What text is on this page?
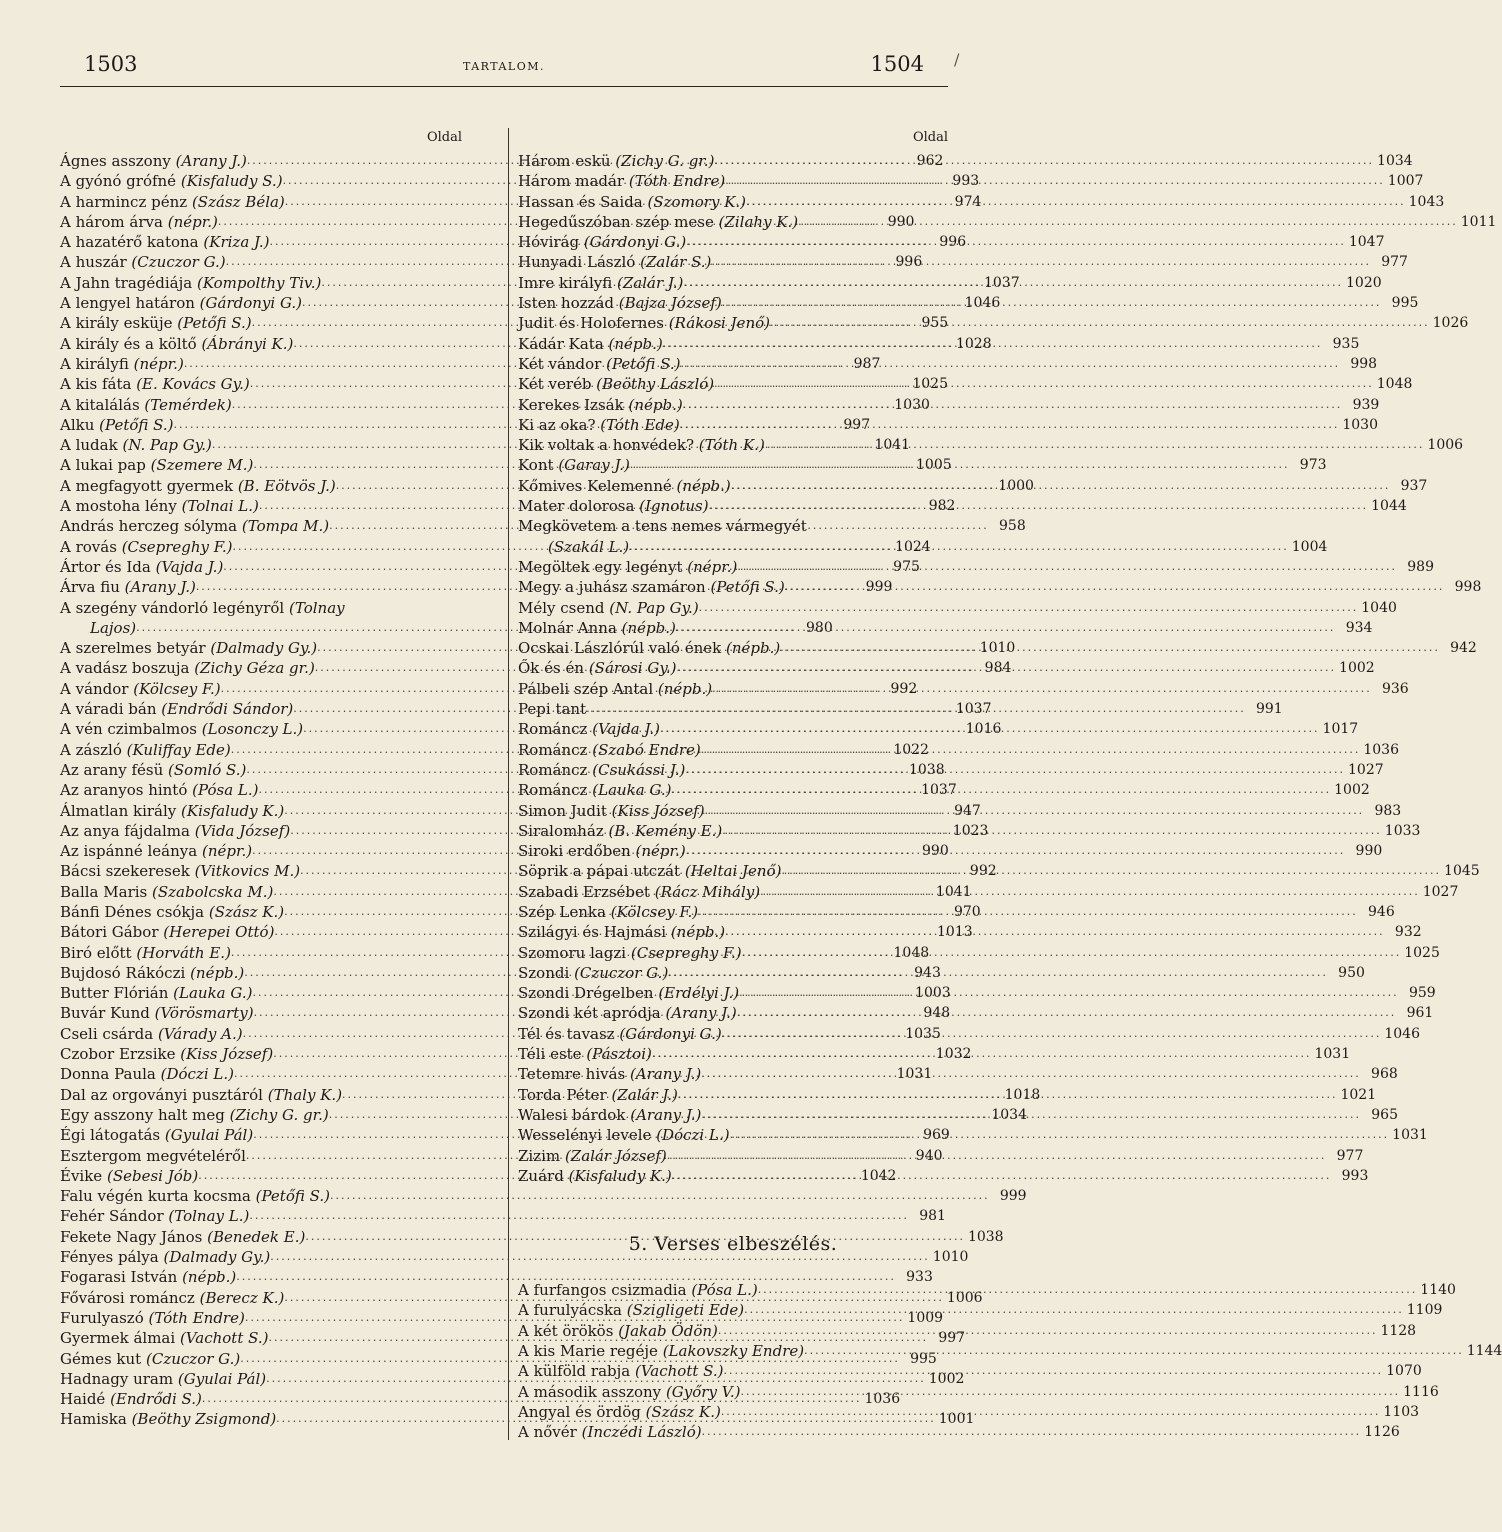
1503	TARTALOM.	1504 /
Oldal
Ágnes asszony (Arany J.) .....	962
A gyónó grófné (Kisfaludy S.) .....	993
A harmincz pénz (Szász Béla) .....	974
A három árva (népr.) .....	990
A hazatérő katona (Kriza J.) .....	996
A huszár (Czuczor G.) .....	996
A Jahn tragédiája (Kompolthy Tiv.) .....	1037
A lengyel határon (Gárdonyi G.) .....	1046
A király esküje (Petőfi S.) .....	955
A király és a költő (Ábrányi K.) .....	1028
A királyfi (népr.) .....	987
A kis fáta (E. Kovács Gy.) .....	1025
A kitalálás (Temérdek) .....	1030
Alku (Petőfi S.) .....	997
A ludak (N. Pap Gy.) .....	1041
A lukai pap (Szemere M.) .....	1005
A megfagyott gyermek (B. Eötvös J.) .....	1000
A mostoha lény (Tolnai L.) .....	982
András herczeg sólyma (Tompa M.) .....	958
A rovás (Csepreghy F.) .....	1024
Ártor és Ida (Vajda J.) .....	975
Árva fiu (Arany J.) .....	999
A szegény vándorló legényről (Tolnay
Lajos) .....	980
A szerelmes betyár (Dalmady Gy.) .....	1010
A vadász boszuja (Zichy Géza gr.) .....	984
A vándor (Kölcsey F.) .....	992
A váradi bán (Endrődi Sándor) .....	1037
A vén czimbalmos (Losonczy L.) .....	1016
A zászló (Kuliffay Ede) .....	1022
Az arany fésü (Somló S.) .....	1038
Az aranyos hintó (Pósa L.) .....	1037
Álmatlan király (Kisfaludy K.) .....	947
Az anya fájdalma (Vida József) .....	1023
Az ispánné leánya (népr.) .....	990
Bácsi szekeresek (Vitkovics M.) .....	992
Balla Maris (Szabolcska M.) .....	1041
Bánfi Dénes csókja (Szász K.) .....	970
Bátori Gábor (Herepei Ottó) .....	1013
Biró előtt (Horváth E.) .....	1048
Bujdosó Rákóczi (népb.) .....	943
Butter Flórián (Lauka G.) .....	1003
Buvár Kund (Vörösmarty) .....	948
Cseli csárda (Várady A.) .....	1035
Czobor Erzsike (Kiss József) .....	1032
Donna Paula (Dóczi L.) .....	1031
Dal az orgoványi pusztáról (Thaly K.) .....	1018
Egy asszony halt meg (Zichy G. gr.) .....	1034
Égi látogatás (Gyulai Pál) .....	969
Esztergom megvételéről .....	940
Évike (Sebesi Jób) .....	1042
Falu végén kurta kocsma (Petőfi S.) .....	999
Fehér Sándor (Tolnay L.) .....	981
Fekete Nagy János (Benedek E.) .....	1038
Fényes pálya (Dalmady Gy.) .....	1010
Fogarasi István (népb.) .....	933
Fővárosi románcz (Berecz K.) .....	1006
Furulyaszó (Tóth Endre) .....	1009
Gyermek álmai (Vachott S.) .....	997
Gémes kut (Czuczor G.) .....	995
Hadnagy uram (Gyulai Pál) .....	1002
Haidé (Endrődi S.) .....	1036
Hamiska (Beöthy Zsigmond) .....	1001
Oldal
Három eskü (Zichy G. gr.) .....	1034
Három madár (Tóth Endre) .....	1007
Hassan és Saida (Szomory K.) .....	1043
Hegedűszóban szép mese (Zilahy K.) .....	1011
Hóvirág (Gárdonyi G.) .....	1047
Hunyadi László (Zalár S.) .....	977
Imre királyfi (Zalár J.) .....	1020
Isten hozzád (Bajza József) .....	995
Judit és Holofernes (Rákosi Jenő) .....	1026
Kádár Kata (népb.) .....	935
Két vándor (Petőfi S.) .....	998
Két veréb (Beöthy László) .....	1048
Kerekes Izsák (népb.) .....	939
Ki az oka? (Tóth Ede) .....	1030
Kik voltak a honvédek? (Tóth K.) .....	1006
Kont (Garay J.) .....	973
Kőmives Kelemenné (népb.) .....	937
Mater dolorosa (Ignotus) .....	1044
Megkövetem a tens nemes vármegyét
(Szakál L.) .....	1004
Megöltek egy legényt (népr.) .....	989
Megy a juhász szamáron (Petőfi S.) .....	998
Mély csend (N. Pap Gy.) .....	1040
Molnár Anna (népb.) .....	934
Ocskai Lászlórúl való ének (népb.) .....	942
Ők és én (Sárosi Gy.) .....	1002
Pálbeli szép Antal (népb.) .....	936
Pepi tant .....	991
Románcz (Vajda J.) .....	1017
Románcz (Szabó Endre) .....	1036
Románcz (Csukássi J.) .....	1027
Románcz (Lauka G.) .....	1002
Simon Judit (Kiss József) .....	983
Siralomház (B. Kemény E.) .....	1033
Siroki erdőben (népr.) .....	990
Söprik a pápai utczát (Heltai Jenő) .....	1045
Szabadi Erzsébet (Rácz Mihály) .....	1027
Szép Lenka (Kölcsey F.) .....	946
Szilágyi és Hajmási (népb.) .....	932
Szomoru lagzi (Csepreghy F.) .....	1025
Szondi (Czuczor G.) .....	950
Szondi Drégelben (Erdélyi J.) .....	959
Szondi két apródja (Arany J.) .....	961
Tél és tavasz (Gárdonyi G.) .....	1046
Téli este (Pásztoi) .....	1031
Tetemre hivás (Arany J.) .....	968
Torda Péter (Zalár J.) .....	1021
Walesi bárdok (Arany J.) .....	965
Wesselényi levele (Dóczi L.) .....	1031
Zizim (Zalár József) .....	977
Zuárd (Kisfaludy K.) .....	993
5. Verses elbeszélés.
A furfangos csizmadia (Pósa L.) .....	1140
A furulyácska (Szigligeti Ede) .....	1109
A két örökös (Jakab Ödön) .....	1128
A kis Marie regéje (Lakovszky Endre) .....	1144
A külföld rabja (Vachott S.) .....	1070
A második asszony (Győry V.) .....	1116
Angyal és ördög (Szász K.) .....	1103
A nővér (Inczédi László) .....	1126
